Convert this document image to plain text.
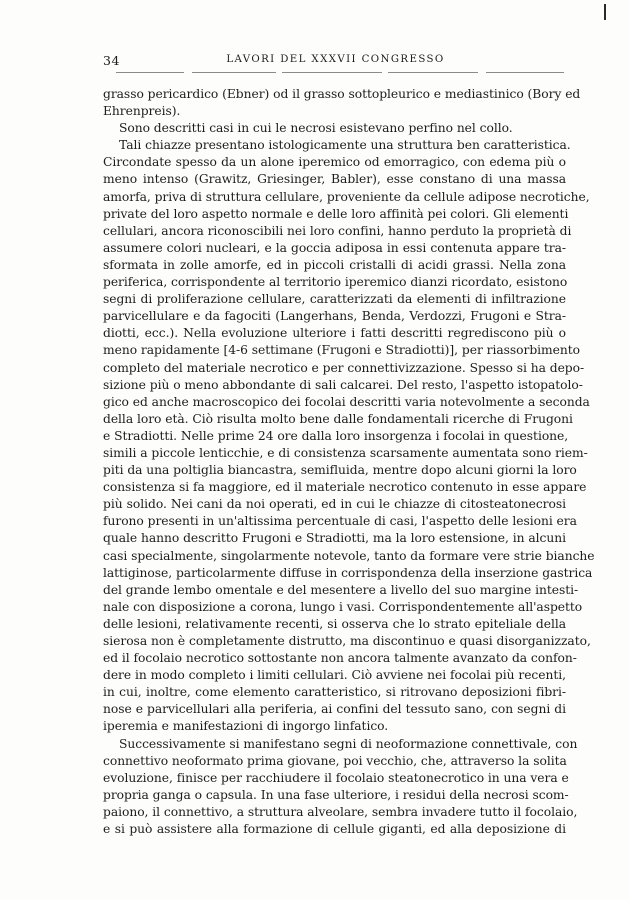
34	LAVORI DEL XXXVII CONGRESSO
grasso pericardico (Ebner) od il grasso sottopleurico e mediastinico (Bory ed
Ehrenpreis).
Sono descritti casi in cui le necrosi esistevano perfino nel collo.
Tali chiazze presentano istologicamente una struttura ben caratteristica.
Circondate spesso da un alone iperemico od emorragico, con edema più o
meno intenso (Grawitz, Griesinger, Babler), esse constano di una massa
amorfa, priva di struttura cellulare, proveniente da cellule adipose necrotiche,
private del loro aspetto normale e delle loro affinità pei colori. Gli elementi
cellulari, ancora riconoscibili nei loro confini, hanno perduto la proprietà di
assumere colori nucleari, e la goccia adiposa in essi contenuta appare tra-
sformata in zolle amorfe, ed in piccoli cristalli di acidi grassi. Nella zona
periferica, corrispondente al territorio iperemico dianzi ricordato, esistono
segni di proliferazione cellulare, caratterizzati da elementi di infiltrazione
parvicellulare e da fagociti (Langerhans, Benda, Verdozzi, Frugoni e Stra-
diotti, ecc.). Nella evoluzione ulteriore i fatti descritti regrediscono più o
meno rapidamente [4-6 settimane (Frugoni e Stradiotti)], per riassorbimento
completo del materiale necrotico e per connettivizzazione. Spesso si ha depo-
sizione più o meno abbondante di sali calcarei. Del resto, l'aspetto istopatolo-
gico ed anche macroscopico dei focolai descritti varia notevolmente a seconda
della loro età. Ciò risulta molto bene dalle fondamentali ricerche di Frugoni
e Stradiotti. Nelle prime 24 ore dalla loro insorgenza i focolai in questione,
simili a piccole lenticchie, e di consistenza scarsamente aumentata sono riem-
piti da una poltiglia biancastra, semifluida, mentre dopo alcuni giorni la loro
consistenza si fa maggiore, ed il materiale necrotico contenuto in esse appare
più solido. Nei cani da noi operati, ed in cui le chiazze di citosteatonecrosi
furono presenti in un'altissima percentuale di casi, l'aspetto delle lesioni era
quale hanno descritto Frugoni e Stradiotti, ma la loro estensione, in alcuni
casi specialmente, singolarmente notevole, tanto da formare vere strie bianche
lattiginose, particolarmente diffuse in corrispondenza della inserzione gastrica
del grande lembo omentale e del mesentere a livello del suo margine intesti-
nale con disposizione a corona, lungo i vasi. Corrispondentemente all'aspetto
delle lesioni, relativamente recenti, si osserva che lo strato epiteliale della
sierosa non è completamente distrutto, ma discontinuo e quasi disorganizzato,
ed il focolaio necrotico sottostante non ancora talmente avanzato da confon-
dere in modo completo i limiti cellulari. Ciò avviene nei focolai più recenti,
in cui, inoltre, come elemento caratteristico, si ritrovano deposizioni fibri-
nose e parvicellulari alla periferia, ai confini del tessuto sano, con segni di
iperemia e manifestazioni di ingorgo linfatico.
Successivamente si manifestano segni di neoformazione connettivale, con
connettivo neoformato prima giovane, poi vecchio, che, attraverso la solita
evoluzione, finisce per racchiudere il focolaio steatonecrotico in una vera e
propria ganga o capsula. In una fase ulteriore, i residui della necrosi scom-
paiono, il connettivo, a struttura alveolare, sembra invadere tutto il focolaio,
e si può assistere alla formazione di cellule giganti, ed alla deposizione di
